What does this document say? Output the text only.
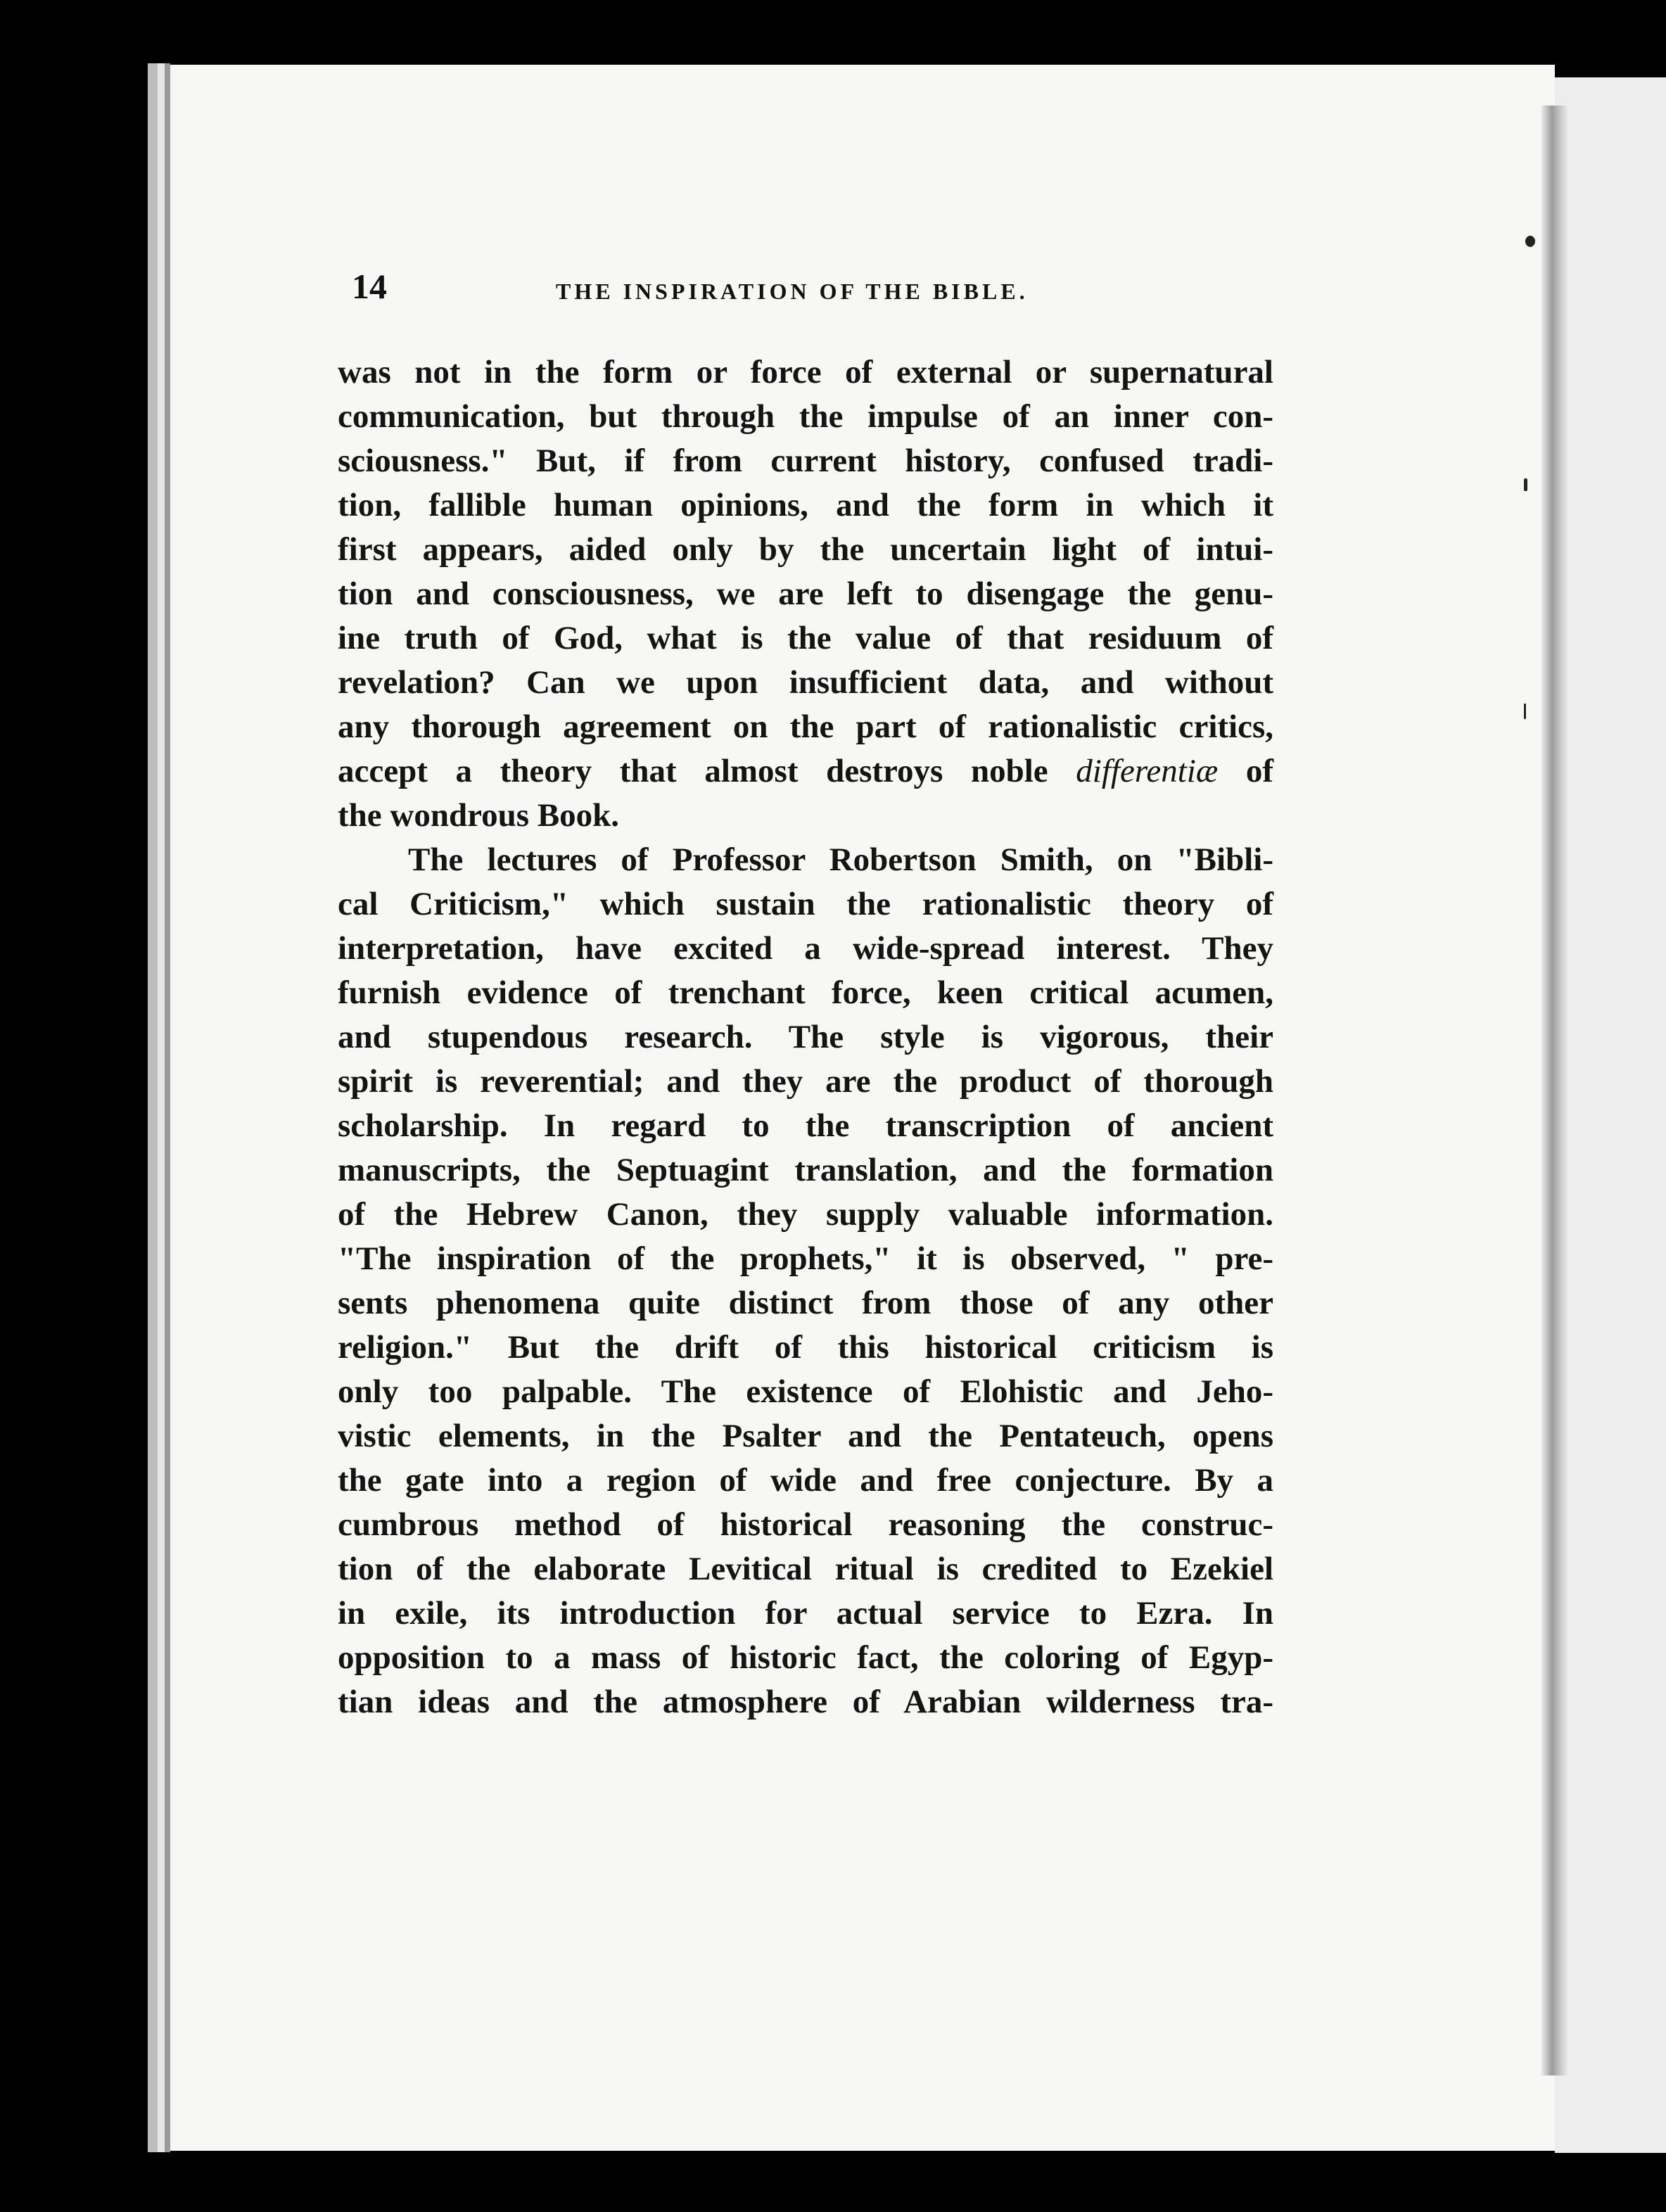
14	THE INSPIRATION OF THE BIBLE.
was not in the form or force of external or supernatural
communication, but through the impulse of an inner con-
sciousness." But, if from current history, confused tradi-
tion, fallible human opinions, and the form in which it
first appears, aided only by the uncertain light of intui-
tion and consciousness, we are left to disengage the genu-
ine truth of God, what is the value of that residuum of
revelation? Can we upon insufficient data, and without
any thorough agreement on the part of rationalistic critics,
accept a theory that almost destroys noble differentiæ of
the wondrous Book.
The lectures of Professor Robertson Smith, on "Bibli-
cal Criticism," which sustain the rationalistic theory of
interpretation, have excited a wide-spread interest. They
furnish evidence of trenchant force, keen critical acumen,
and stupendous research. The style is vigorous, their
spirit is reverential; and they are the product of thorough
scholarship. In regard to the transcription of ancient
manuscripts, the Septuagint translation, and the formation
of the Hebrew Canon, they supply valuable information.
"The inspiration of the prophets," it is observed, " pre-
sents phenomena quite distinct from those of any other
religion." But the drift of this historical criticism is
only too palpable. The existence of Elohistic and Jeho-
vistic elements, in the Psalter and the Pentateuch, opens
the gate into a region of wide and free conjecture. By a
cumbrous method of historical reasoning the construc-
tion of the elaborate Levitical ritual is credited to Ezekiel
in exile, its introduction for actual service to Ezra. In
opposition to a mass of historic fact, the coloring of Egyp-
tian ideas and the atmosphere of Arabian wilderness tra-
